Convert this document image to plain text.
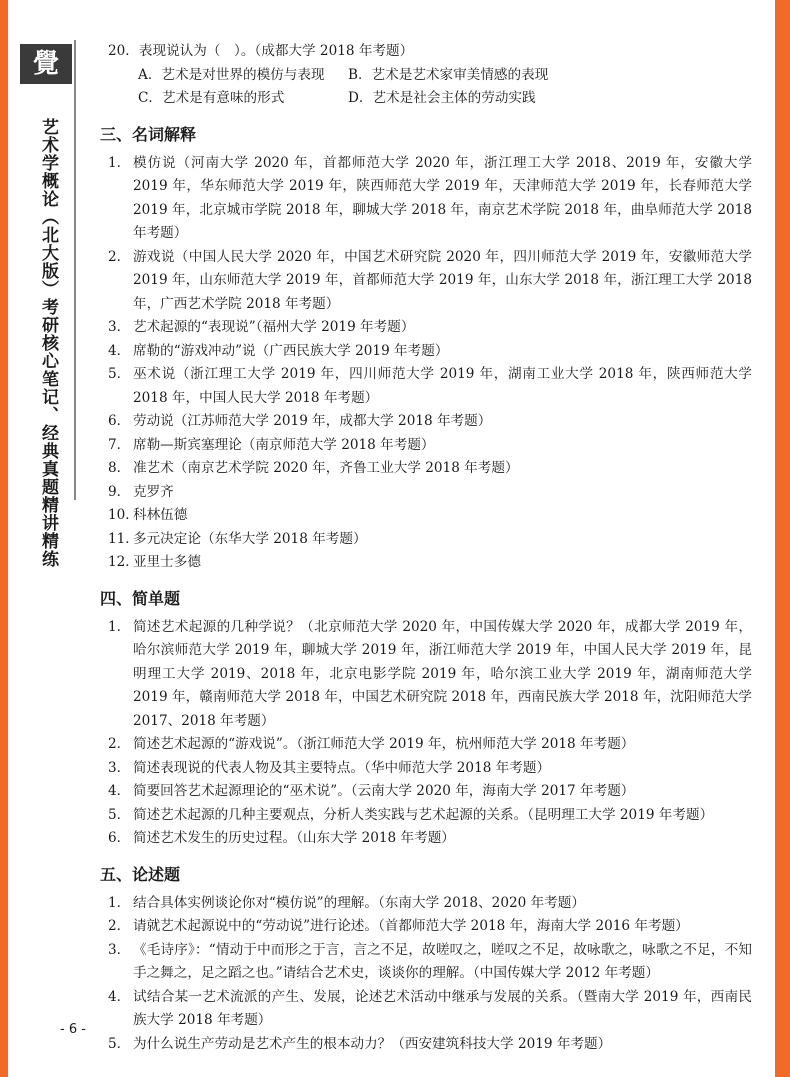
覺
艺术学概论（北大版）考研核心笔记、经典真题精讲精练
20．表现说认为（　）。（成都大学 2018 年考题）
A．艺术是对世界的模仿与表现	B．艺术是艺术家审美情感的表现
C．艺术是有意味的形式	D．艺术是社会主体的劳动实践
三、名词解释
1． 模仿说（河南大学 2020 年，首都师范大学 2020 年，浙江理工大学 2018、2019 年，安徽大学 2019 年，华东师范大学 2019 年，陕西师范大学 2019 年，天津师范大学 2019 年，长春师范大学 2019 年，北京城市学院 2018 年，聊城大学 2018 年，南京艺术学院 2018 年，曲阜师范大学 2018 年考题）
2． 游戏说（中国人民大学 2020 年，中国艺术研究院 2020 年，四川师范大学 2019 年，安徽师范大学 2019 年，山东师范大学 2019 年，首都师范大学 2019 年，山东大学 2018 年，浙江理工大学 2018 年，广西艺术学院 2018 年考题）
3． 艺术起源的“表现说”（福州大学 2019 年考题）
4． 席勒的“游戏冲动”说（广西民族大学 2019 年考题）
5． 巫术说（浙江理工大学 2019 年，四川师范大学 2019 年，湖南工业大学 2018 年，陕西师范大学 2018 年，中国人民大学 2018 年考题）
6． 劳动说（江苏师范大学 2019 年，成都大学 2018 年考题）
7． 席勒—斯宾塞理论（南京师范大学 2018 年考题）
8． 准艺术（南京艺术学院 2020 年，齐鲁工业大学 2018 年考题）
9． 克罗齐
10．
科林伍德
11．
多元决定论（东华大学 2018 年考题）
12．
亚里士多德
四、简单题
1． 简述艺术起源的几种学说？（北京师范大学 2020 年，中国传媒大学 2020 年，成都大学 2019 年，哈尔滨师范大学 2019 年，聊城大学 2019 年，浙江师范大学 2019 年，中国人民大学 2019 年，昆明理工大学 2019、2018 年，北京电影学院 2019 年，哈尔滨工业大学 2019 年，湖南师范大学 2019 年，赣南师范大学 2018 年，中国艺术研究院 2018 年，西南民族大学 2018 年，沈阳师范大学 2017、2018 年考题）
2． 简述艺术起源的“游戏说”。（浙江师范大学 2019 年，杭州师范大学 2018 年考题）
3． 简述表现说的代表人物及其主要特点。（华中师范大学 2018 年考题）
4． 简要回答艺术起源理论的“巫术说”。（云南大学 2020 年，海南大学 2017 年考题）
5． 简述艺术起源的几种主要观点，分析人类实践与艺术起源的关系。（昆明理工大学 2019 年考题）
6． 简述艺术发生的历史过程。（山东大学 2018 年考题）
五、论述题
1． 结合具体实例谈论你对“模仿说”的理解。（东南大学 2018、2020 年考题）
2． 请就艺术起源说中的“劳动说”进行论述。（首都师范大学 2018 年，海南大学 2016 年考题）
3． 《毛诗序》：“情动于中而形之于言，言之不足，故嗟叹之，嗟叹之不足，故咏歌之，咏歌之不足，不知手之舞之，足之蹈之也。”请结合艺术史，谈谈你的理解。（中国传媒大学 2012 年考题）
4． 试结合某一艺术流派的产生、发展，论述艺术活动中继承与发展的关系。（暨南大学 2019 年，西南民族大学 2018 年考题）
5． 为什么说生产劳动是艺术产生的根本动力？（西安建筑科技大学 2019 年考题）
- 6 -
